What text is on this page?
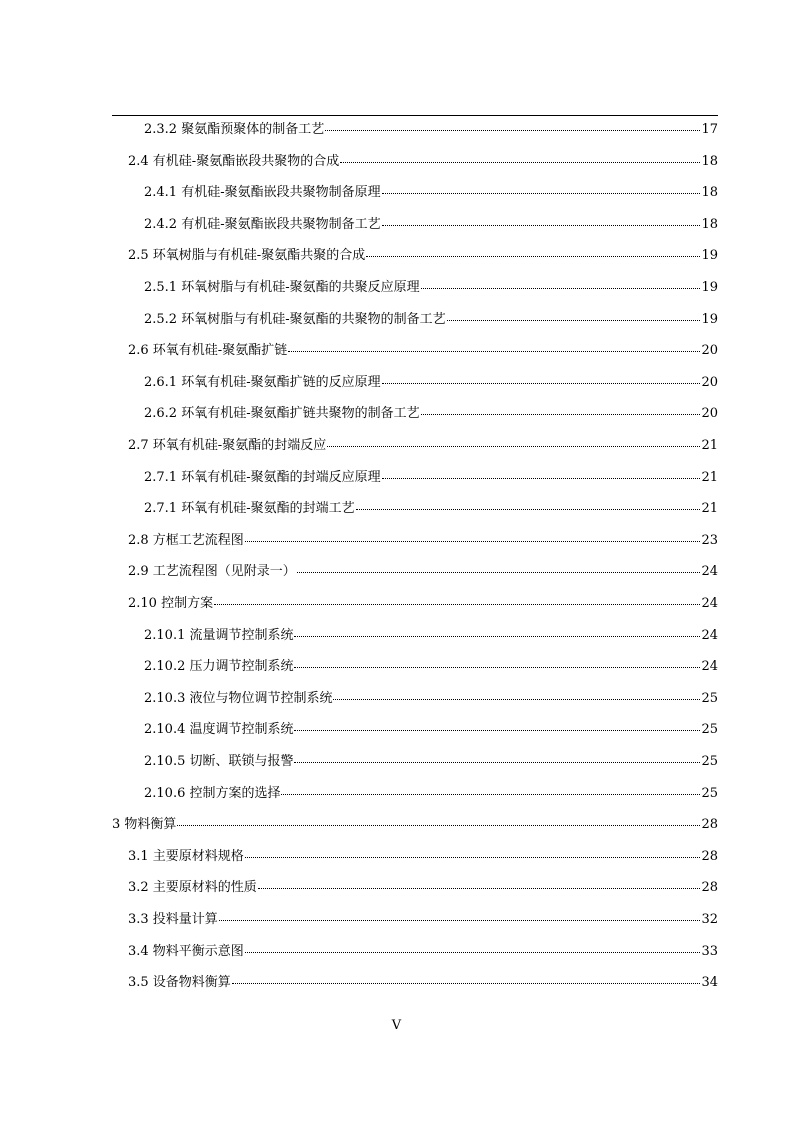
2.3.2 聚氨酯预聚体的制备工艺	17
2.4 有机硅-聚氨酯嵌段共聚物的合成	18
2.4.1 有机硅-聚氨酯嵌段共聚物制备原理	18
2.4.2 有机硅-聚氨酯嵌段共聚物制备工艺	18
2.5 环氧树脂与有机硅-聚氨酯共聚的合成	19
2.5.1 环氧树脂与有机硅-聚氨酯的共聚反应原理	19
2.5.2 环氧树脂与有机硅-聚氨酯的共聚物的制备工艺	19
2.6 环氧有机硅-聚氨酯扩链	20
2.6.1 环氧有机硅-聚氨酯扩链的反应原理	20
2.6.2 环氧有机硅-聚氨酯扩链共聚物的制备工艺	20
2.7 环氧有机硅-聚氨酯的封端反应	21
2.7.1 环氧有机硅-聚氨酯的封端反应原理	21
2.7.1 环氧有机硅-聚氨酯的封端工艺	21
2.8 方框工艺流程图	23
2.9 工艺流程图（见附录一）	24
2.10 控制方案	24
2.10.1 流量调节控制系统	24
2.10.2 压力调节控制系统	24
2.10.3 液位与物位调节控制系统	25
2.10.4 温度调节控制系统	25
2.10.5 切断、联锁与报警	25
2.10.6 控制方案的选择	25
3 物料衡算	28
3.1 主要原材料规格	28
3.2 主要原材料的性质	28
3.3 投料量计算	32
3.4 物料平衡示意图	33
3.5 设备物料衡算	34
V
